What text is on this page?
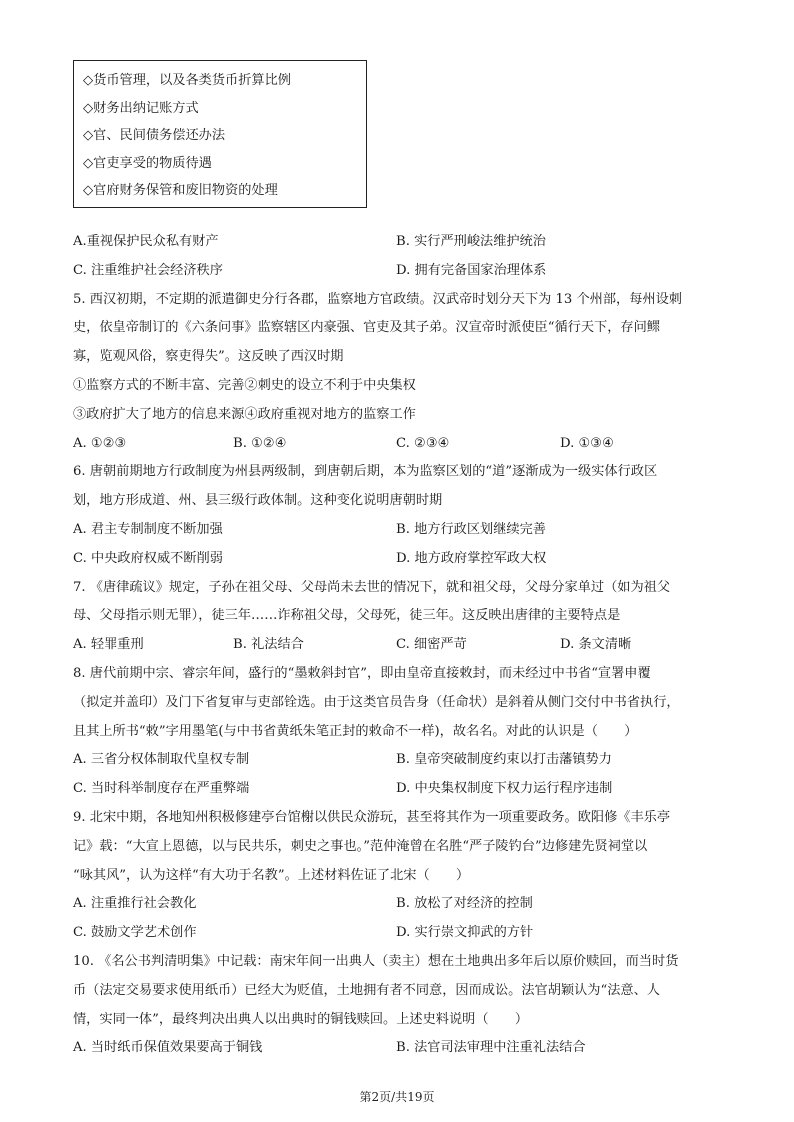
◇货币管理，以及各类货币折算比例
◇财务出纳记账方式
◇官、民间债务偿还办法
◇官吏享受的物质待遇
◇官府财务保管和废旧物资的处理
A.重视保护民众私有财产	B. 实行严刑峻法维护统治
C. 注重维护社会经济秩序	D. 拥有完备国家治理体系
5. 西汉初期，不定期的派遣御史分行各郡，监察地方官政绩。汉武帝时划分天下为 13 个州部，每州设刺
史，依皇帝制订的《六条问事》监察辖区内豪强、官吏及其子弟。汉宣帝时派使臣“循行天下，存问鳏
寡，览观风俗，察吏得失”。这反映了西汉时期
①监察方式的不断丰富、完善②刺史的设立不利于中央集权
③政府扩大了地方的信息来源④政府重视对地方的监察工作
A. ①②③	B. ①②④	C. ②③④	D. ①③④
6. 唐朝前期地方行政制度为州县两级制，到唐朝后期，本为监察区划的“道”逐渐成为一级实体行政区
划，地方形成道、州、县三级行政体制。这种变化说明唐朝时期
A. 君主专制制度不断加强	B. 地方行政区划继续完善
C. 中央政府权威不断削弱	D. 地方政府掌控军政大权
7. 《唐律疏议》规定，子孙在祖父母、父母尚未去世的情况下，就和祖父母，父母分家单过（如为祖父
母、父母指示则无罪），徒三年……诈称祖父母，父母死，徒三年。这反映出唐律的主要特点是
A. 轻罪重刑	B. 礼法结合	C. 细密严苛	D. 条文清晰
8. 唐代前期中宗、睿宗年间，盛行的“墨敕斜封官”，即由皇帝直接敕封，而未经过中书省“宣署申覆
（拟定并盖印）及门下省复审与吏部铨选。由于这类官员告身（任命状）是斜着从侧门交付中书省执行，
且其上所书“敕”字用墨笔(与中书省黄纸朱笔正封的敕命不一样)，故名名。对此的认识是（　　）
A. 三省分权体制取代皇权专制	B. 皇帝突破制度约束以打击藩镇势力
C. 当时科举制度存在严重弊端	D. 中央集权制度下权力运行程序违制
9. 北宋中期，各地知州积极修建亭台馆榭以供民众游玩，甚至将其作为一项重要政务。欧阳修《丰乐亭
记》载：“大宣上恩德，以与民共乐，刺史之事也。”范仲淹曾在名胜“严子陵钓台”边修建先贤祠堂以
“咏其风”，认为这样“有大功于名教”。上述材料佐证了北宋（　　）
A. 注重推行社会教化	B. 放松了对经济的控制
C. 鼓励文学艺术创作	D. 实行崇文抑武的方针
10. 《名公书判清明集》中记载：南宋年间一出典人（卖主）想在土地典出多年后以原价赎回，而当时货
币（法定交易要求使用纸币）已经大为贬值，土地拥有者不同意，因而成讼。法官胡颖认为“法意、人
情，实同一体”，最终判决出典人以出典时的铜钱赎回。上述史料说明（　　）
A. 当时纸币保值效果要高于铜钱	B. 法官司法审理中注重礼法结合
第2页/共19页
